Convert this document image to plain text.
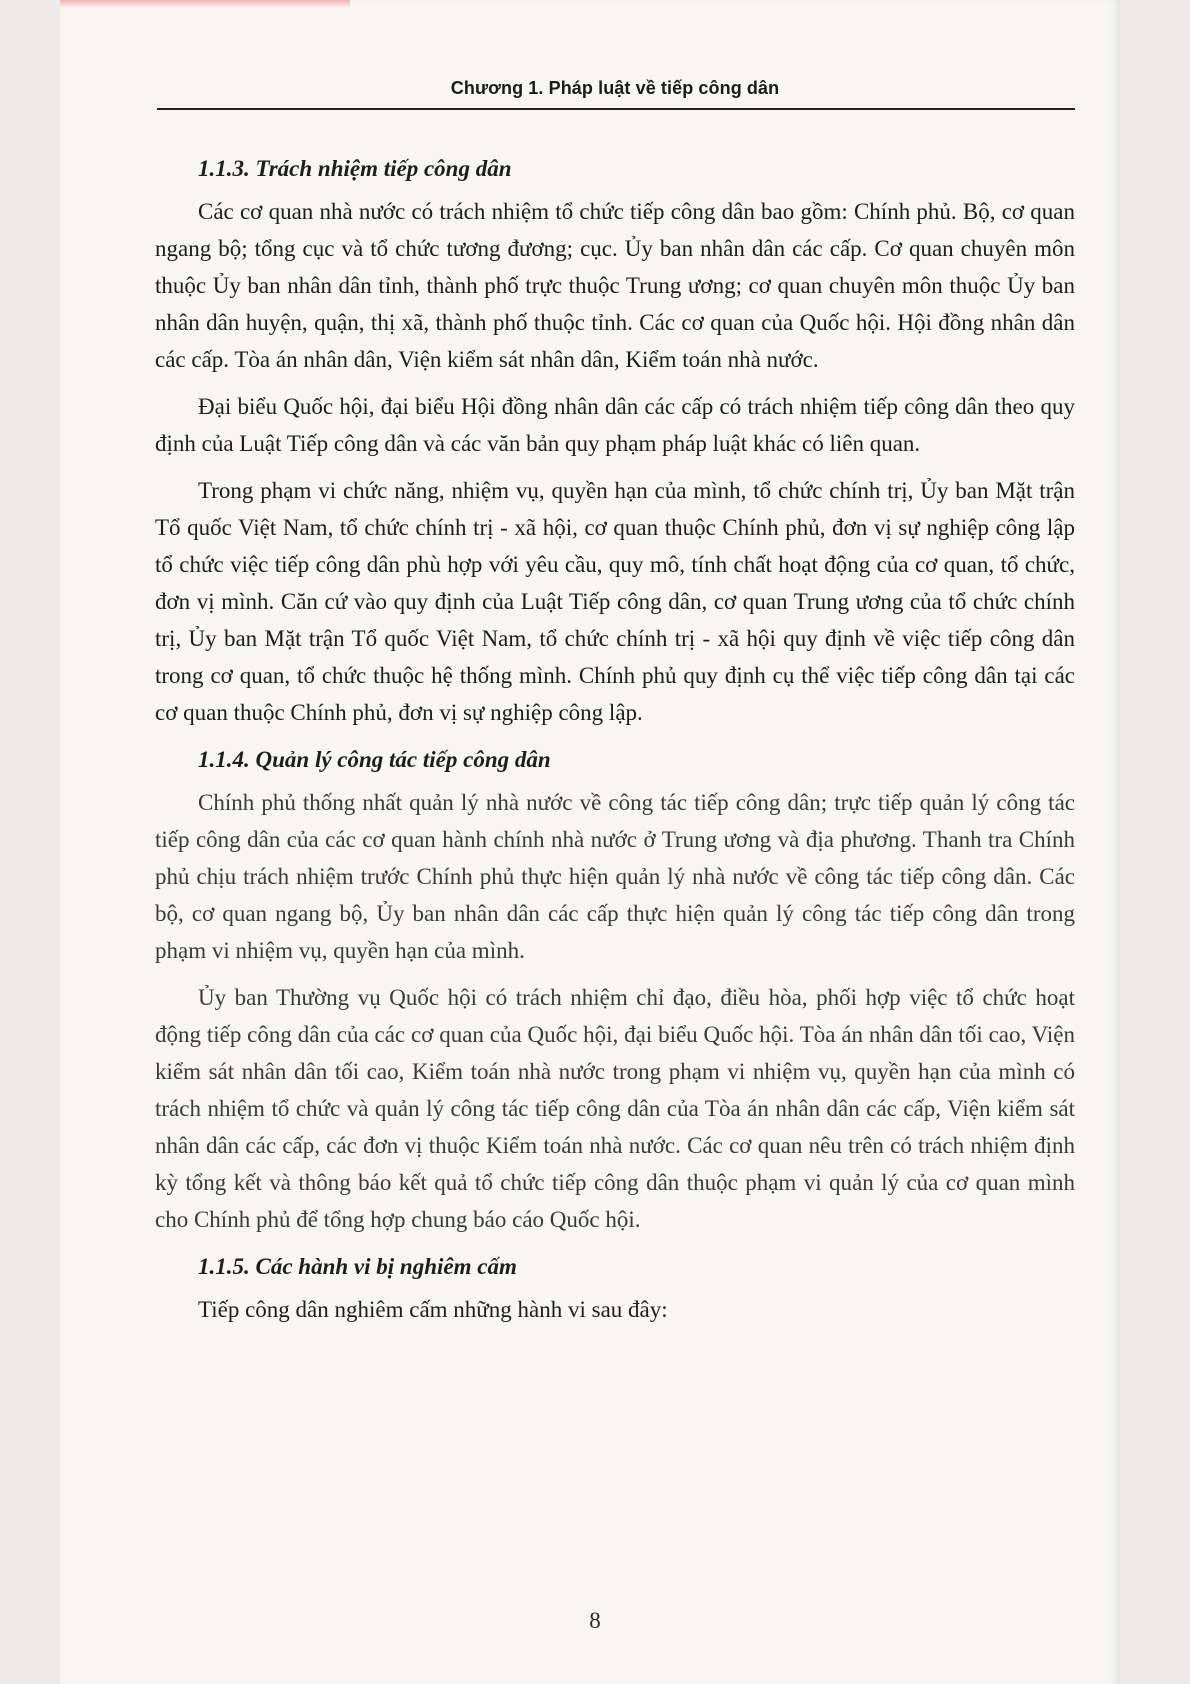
Chương 1. Pháp luật về tiếp công dân
1.1.3. Trách nhiệm tiếp công dân

Các cơ quan nhà nước có trách nhiệm tổ chức tiếp công dân bao gồm: Chính phủ. Bộ, cơ quan ngang bộ; tổng cục và tổ chức tương đương; cục. Ủy ban nhân dân các cấp. Cơ quan chuyên môn thuộc Ủy ban nhân dân tỉnh, thành phố trực thuộc Trung ương; cơ quan chuyên môn thuộc Ủy ban nhân dân huyện, quận, thị xã, thành phố thuộc tỉnh. Các cơ quan của Quốc hội. Hội đồng nhân dân các cấp. Tòa án nhân dân, Viện kiểm sát nhân dân, Kiểm toán nhà nước.

Đại biểu Quốc hội, đại biểu Hội đồng nhân dân các cấp có trách nhiệm tiếp công dân theo quy định của Luật Tiếp công dân và các văn bản quy phạm pháp luật khác có liên quan.

Trong phạm vi chức năng, nhiệm vụ, quyền hạn của mình, tổ chức chính trị, Ủy ban Mặt trận Tổ quốc Việt Nam, tổ chức chính trị - xã hội, cơ quan thuộc Chính phủ, đơn vị sự nghiệp công lập tổ chức việc tiếp công dân phù hợp với yêu cầu, quy mô, tính chất hoạt động của cơ quan, tổ chức, đơn vị mình. Căn cứ vào quy định của Luật Tiếp công dân, cơ quan Trung ương của tổ chức chính trị, Ủy ban Mặt trận Tổ quốc Việt Nam, tổ chức chính trị - xã hội quy định về việc tiếp công dân trong cơ quan, tổ chức thuộc hệ thống mình. Chính phủ quy định cụ thể việc tiếp công dân tại các cơ quan thuộc Chính phủ, đơn vị sự nghiệp công lập.

1.1.4. Quản lý công tác tiếp công dân

Chính phủ thống nhất quản lý nhà nước về công tác tiếp công dân; trực tiếp quản lý công tác tiếp công dân của các cơ quan hành chính nhà nước ở Trung ương và địa phương. Thanh tra Chính phủ chịu trách nhiệm trước Chính phủ thực hiện quản lý nhà nước về công tác tiếp công dân. Các bộ, cơ quan ngang bộ, Ủy ban nhân dân các cấp thực hiện quản lý công tác tiếp công dân trong phạm vi nhiệm vụ, quyền hạn của mình.

Ủy ban Thường vụ Quốc hội có trách nhiệm chỉ đạo, điều hòa, phối hợp việc tổ chức hoạt động tiếp công dân của các cơ quan của Quốc hội, đại biểu Quốc hội. Tòa án nhân dân tối cao, Viện kiểm sát nhân dân tối cao, Kiểm toán nhà nước trong phạm vi nhiệm vụ, quyền hạn của mình có trách nhiệm tổ chức và quản lý công tác tiếp công dân của Tòa án nhân dân các cấp, Viện kiểm sát nhân dân các cấp, các đơn vị thuộc Kiểm toán nhà nước. Các cơ quan nêu trên có trách nhiệm định kỳ tổng kết và thông báo kết quả tổ chức tiếp công dân thuộc phạm vi quản lý của cơ quan mình cho Chính phủ để tổng hợp chung báo cáo Quốc hội.

1.1.5. Các hành vi bị nghiêm cấm

Tiếp công dân nghiêm cấm những hành vi sau đây:

8
